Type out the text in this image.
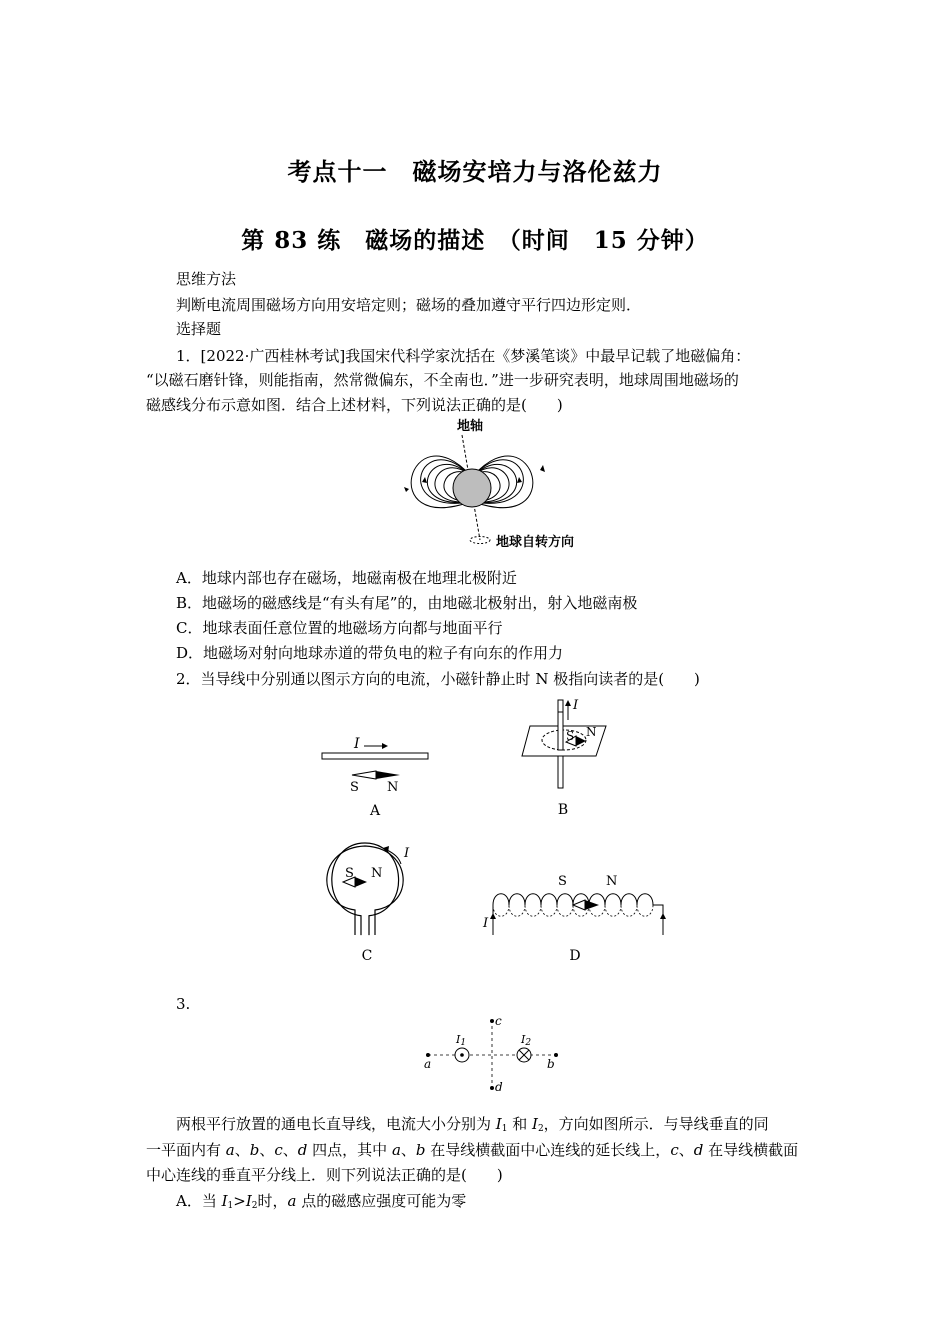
考点十一　磁场安培力与洛伦兹力
第 83 练　磁场的描述　（时间　15 分钟）
思维方法
判断电流周围磁场方向用安培定则；磁场的叠加遵守平行四边形定则．
选择题
1．[2022·广西桂林考试]我国宋代科学家沈括在《梦溪笔谈》中最早记载了地磁偏角：
“以磁石磨针锋，则能指南，然常微偏东，不全南也．”进一步研究表明，地球周围地磁场的
磁感线分布示意如图．结合上述材料，下列说法正确的是(　　)
地轴
地球自转方向
A．地球内部也存在磁场，地磁南极在地理北极附近
B．地磁场的磁感线是“有头有尾”的，由地磁北极射出，射入地磁南极
C．地球表面任意位置的地磁场方向都与地面平行
D．地磁场对射向地球赤道的带负电的粒子有向东的作用力
2．当导线中分别通以图示方向的电流，小磁针静止时 N 极指向读者的是(　　)
I
S N
A
I
S N
B
I
S N
C
I
S	N
D
3.
a	b
c
d
$I_1$	$I_2$
两根平行放置的通电长直导线，电流大小分别为 $I_1$ 和 $I_2$，方向如图所示．与导线垂直的同
一平面内有 a、b、c、d 四点，其中 a、b 在导线横截面中心连线的延长线上，c、d 在导线横截面
中心连线的垂直平分线上．则下列说法正确的是(　　)
A．当 $I_1>I_2$时，a 点的磁感应强度可能为零
